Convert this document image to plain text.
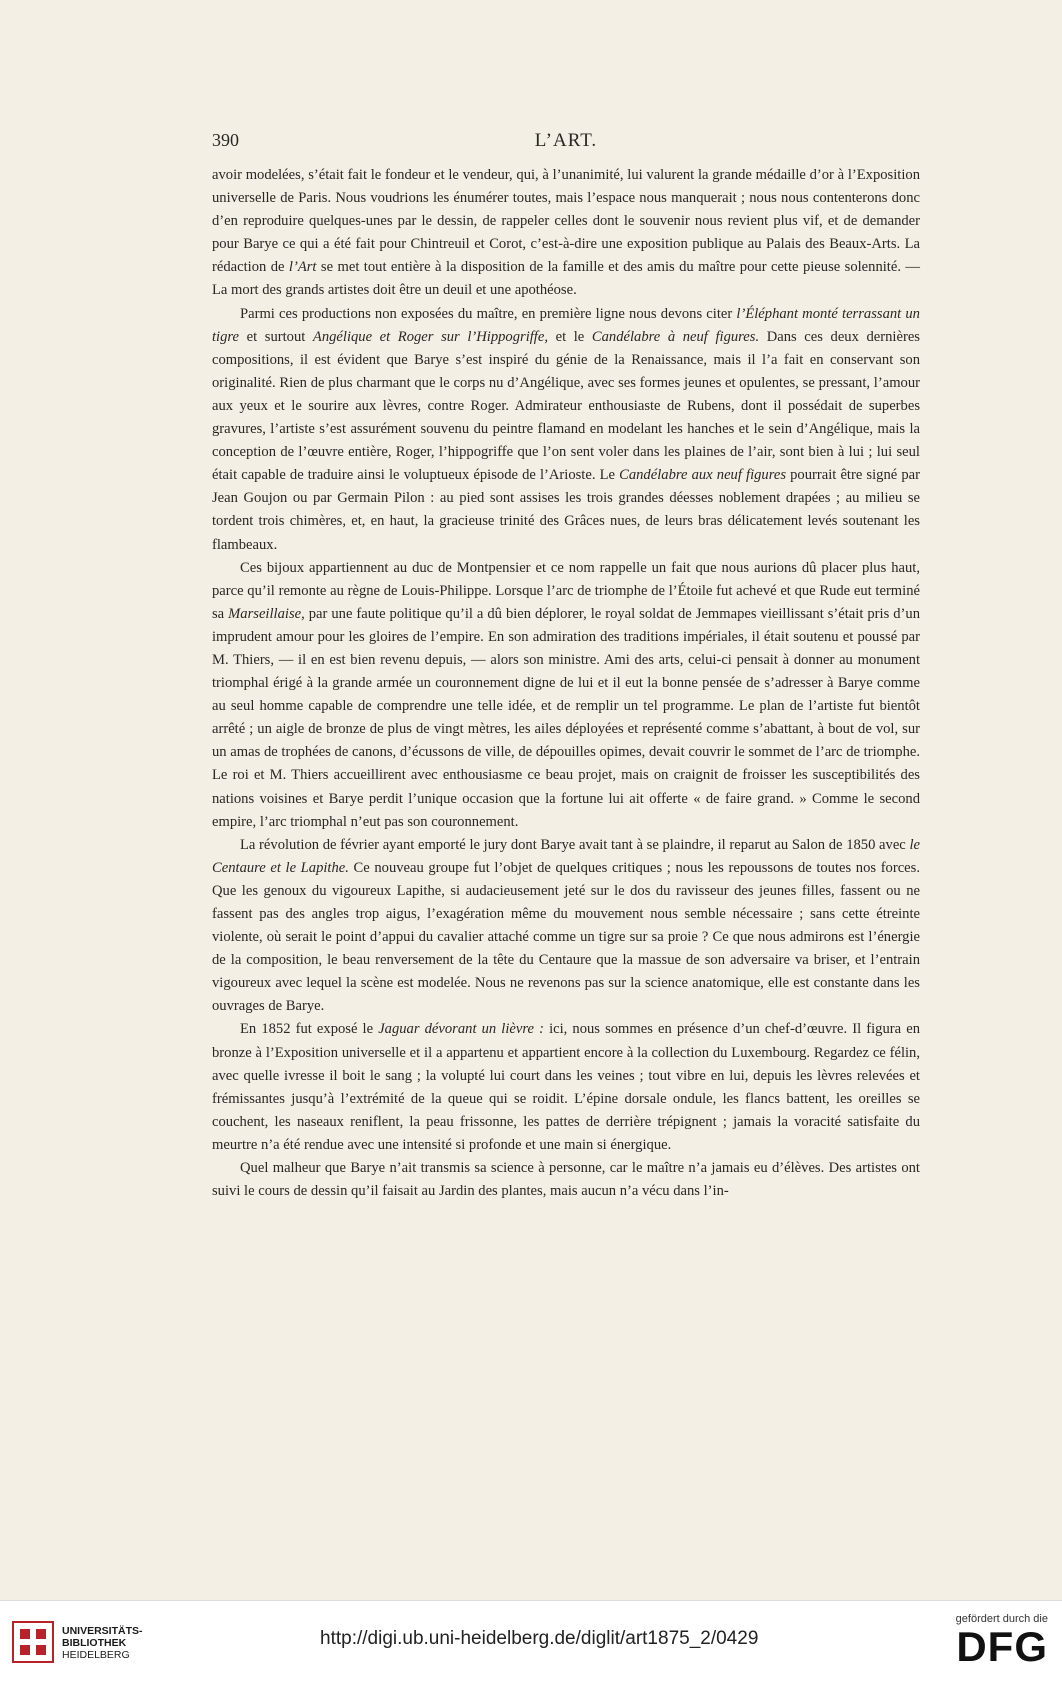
390	L’ART.

avoir modelées, s’était fait le fondeur et le vendeur, qui, à l’unanimité, lui valurent la grande médaille d’or à l’Exposition universelle de Paris. Nous voudrions les énumérer toutes, mais l’espace nous manquerait ; nous nous contenterons donc d’en reproduire quelques-unes par le dessin, de rappeler celles dont le souvenir nous revient plus vif, et de demander pour Barye ce qui a été fait pour Chintreuil et Corot, c’est-à-dire une exposition publique au Palais des Beaux-Arts. La rédaction de l’Art se met tout entière à la disposition de la famille et des amis du maître pour cette pieuse solennité. — La mort des grands artistes doit être un deuil et une apothéose.

Parmi ces productions non exposées du maître, en première ligne nous devons citer l’Éléphant monté terrassant un tigre et surtout Angélique et Roger sur l’Hippogriffe, et le Candélabre à neuf figures. Dans ces deux dernières compositions, il est évident que Barye s’est inspiré du génie de la Renaissance, mais il l’a fait en conservant son originalité. Rien de plus charmant que le corps nu d’Angélique, avec ses formes jeunes et opulentes, se pressant, l’amour aux yeux et le sourire aux lèvres, contre Roger. Admirateur enthousiaste de Rubens, dont il possédait de superbes gravures, l’artiste s’est assurément souvenu du peintre flamand en modelant les hanches et le sein d’Angélique, mais la conception de l’œuvre entière, Roger, l’hippogriffe que l’on sent voler dans les plaines de l’air, sont bien à lui ; lui seul était capable de traduire ainsi le voluptueux épisode de l’Arioste. Le Candélabre aux neuf figures pourrait être signé par Jean Goujon ou par Germain Pilon : au pied sont assises les trois grandes déesses noblement drapées ; au milieu se tordent trois chimères, et, en haut, la gracieuse trinité des Grâces nues, de leurs bras délicatement levés soutenant les flambeaux.

Ces bijoux appartiennent au duc de Montpensier et ce nom rappelle un fait que nous aurions dû placer plus haut, parce qu’il remonte au règne de Louis-Philippe. Lorsque l’arc de triomphe de l’Étoile fut achevé et que Rude eut terminé sa Marseillaise, par une faute politique qu’il a dû bien déplorer, le royal soldat de Jemmapes vieillissant s’était pris d’un imprudent amour pour les gloires de l’empire. En son admiration des traditions impériales, il était soutenu et poussé par M. Thiers, — il en est bien revenu depuis, — alors son ministre. Ami des arts, celui-ci pensait à donner au monument triomphal érigé à la grande armée un couronnement digne de lui et il eut la bonne pensée de s’adresser à Barye comme au seul homme capable de comprendre une telle idée, et de remplir un tel programme. Le plan de l’artiste fut bientôt arrêté ; un aigle de bronze de plus de vingt mètres, les ailes déployées et représenté comme s’abattant, à bout de vol, sur un amas de trophées de canons, d’écussons de ville, de dépouilles opimes, devait couvrir le sommet de l’arc de triomphe. Le roi et M. Thiers accueillirent avec enthousiasme ce beau projet, mais on craignit de froisser les susceptibilités des nations voisines et Barye perdit l’unique occasion que la fortune lui ait offerte « de faire grand. » Comme le second empire, l’arc triomphal n’eut pas son couronnement.

La révolution de février ayant emporté le jury dont Barye avait tant à se plaindre, il reparut au Salon de 1850 avec le Centaure et le Lapithe. Ce nouveau groupe fut l’objet de quelques critiques ; nous les repoussons de toutes nos forces. Que les genoux du vigoureux Lapithe, si audacieusement jeté sur le dos du ravisseur des jeunes filles, fassent ou ne fassent pas des angles trop aigus, l’exagération même du mouvement nous semble nécessaire ; sans cette étreinte violente, où serait le point d’appui du cavalier attaché comme un tigre sur sa proie ? Ce que nous admirons est l’énergie de la composition, le beau renversement de la tête du Centaure que la massue de son adversaire va briser, et l’entrain vigoureux avec lequel la scène est modelée. Nous ne revenons pas sur la science anatomique, elle est constante dans les ouvrages de Barye.

En 1852 fut exposé le Jaguar dévorant un lièvre : ici, nous sommes en présence d’un chef-d’œuvre. Il figura en bronze à l’Exposition universelle et il a appartenu et appartient encore à la collection du Luxembourg. Regardez ce félin, avec quelle ivresse il boit le sang ; la volupté lui court dans les veines ; tout vibre en lui, depuis les lèvres relevées et frémissantes jusqu’à l’extrémité de la queue qui se roidit. L’épine dorsale ondule, les flancs battent, les oreilles se couchent, les naseaux reniflent, la peau frissonne, les pattes de derrière trépignent ; jamais la voracité satisfaite du meurtre n’a été rendue avec une intensité si profonde et une main si énergique.

Quel malheur que Barye n’ait transmis sa science à personne, car le maître n’a jamais eu d’élèves. Des artistes ont suivi le cours de dessin qu’il faisait au Jardin des plantes, mais aucun n’a vécu dans l’in-

UNIVERSITÄTS-
BIBLIOTHEK
HEIDELBERG
http://digi.ub.uni-heidelberg.de/diglit/art1875_2/0429
gefördert durch die
DFG
